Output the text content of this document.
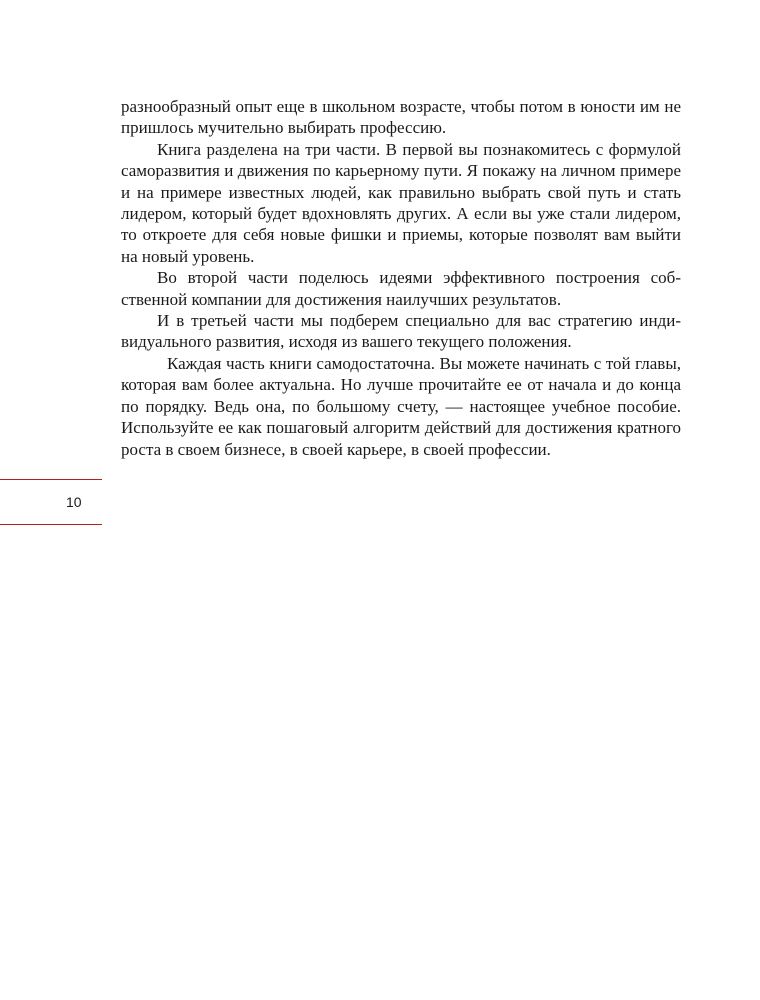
разнообразный опыт еще в школьном возрасте, чтобы потом в юности им не пришлось мучительно выбирать профессию.

Книга разделена на три части. В первой вы познакомитесь с формулой саморазвития и движения по карьерному пути. Я покажу на личном примере и на примере известных людей, как правильно выбрать свой путь и стать лидером, который будет вдохновлять других. А если вы уже стали лидером, то откроете для себя новые фишки и приемы, которые позволят вам выйти на новый уровень.

Во второй части поделюсь идеями эффективного построения собственной компании для достижения наилучших результатов.

И в третьей части мы подберем специально для вас стратегию индивидуального развития, исходя из вашего текущего положения.

Каждая часть книги самодостаточна. Вы можете начинать с той главы, которая вам более актуальна. Но лучше прочитайте ее от начала и до конца по порядку. Ведь она, по большому счету, — настоящее учебное пособие. Используйте ее как пошаговый алгоритм действий для достижения кратного роста в своем бизнесе, в своей карьере, в своей профессии.

10
